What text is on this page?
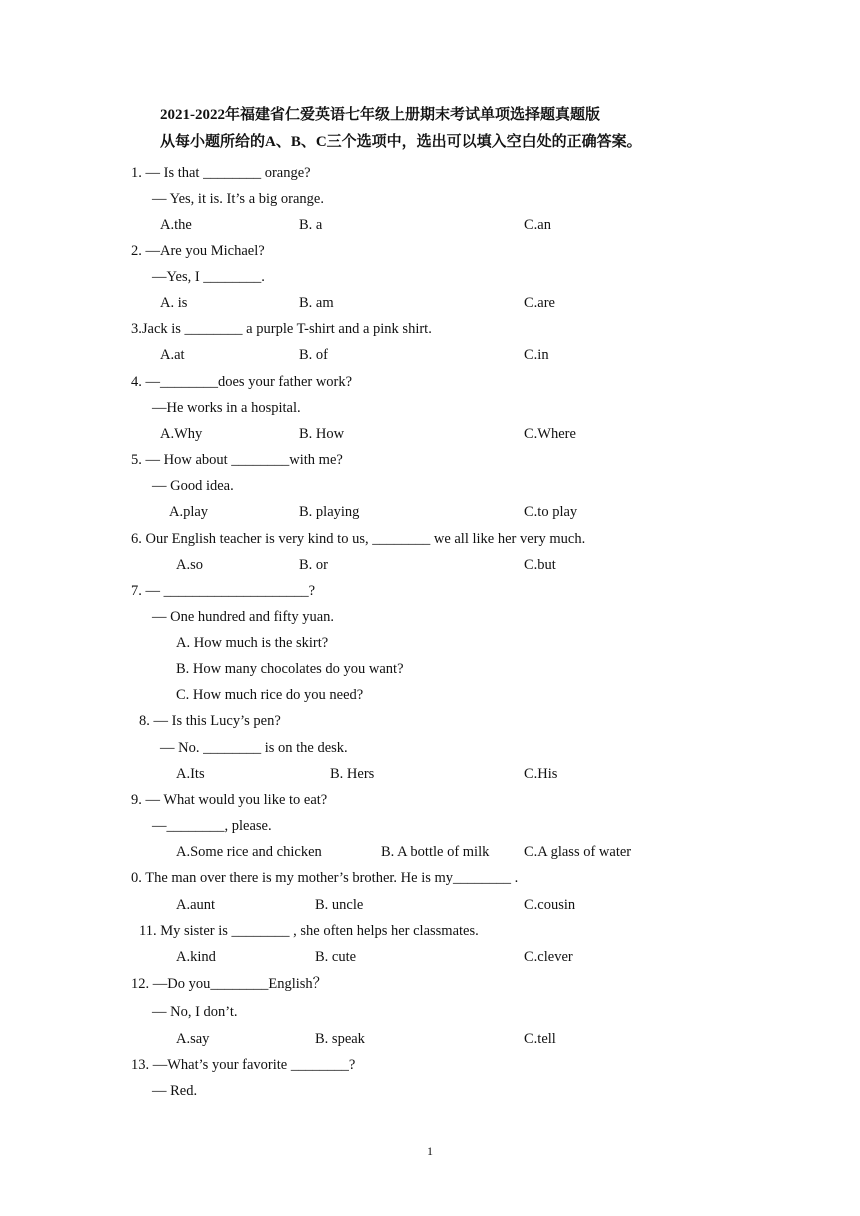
2021-2022年福建省仁爱英语七年级上册期末考试单项选择题真题版
从每小题所给的A、B、C三个选项中，选出可以填入空白处的正确答案。
1. — Is that ________ orange?
— Yes, it is. It’s a big orange.
A.the	B. a	C.an
2. —Are you Michael?
—Yes, I ________.
A. is	B. am	C.are
3.Jack is ________ a purple T-shirt and a pink shirt.
A.at	B. of	C.in
4. —________does your father work?
—He works in a hospital.
A.Why	B. How	C.Where
5. — How about ________with me?
— Good idea.
A.play	B. playing	C.to play
6. Our English teacher is very kind to us, ________ we all like her very much.
A.so	B. or	C.but
7. — ____________________?
— One hundred and fifty yuan.
A. How much is the skirt?
B. How many chocolates do you want?
C. How much rice do you need?
8. — Is this Lucy’s pen?
— No. ________ is on the desk.
A.Its	B. Hers	C.His
9. — What would you like to eat?
—________, please.
A.Some rice and chicken	B. A bottle of milk C.A glass of water
0. The man over there is my mother’s brother. He is my________ .
A.aunt	B. uncle	C.cousin
11. My sister is ________ , she often helps her classmates.
A.kind	B. cute	C.clever
12. —Do you________English？
— No, I don’t.
A.say	B. speak	C.tell
13. —What’s your favorite ________?
— Red.
1
